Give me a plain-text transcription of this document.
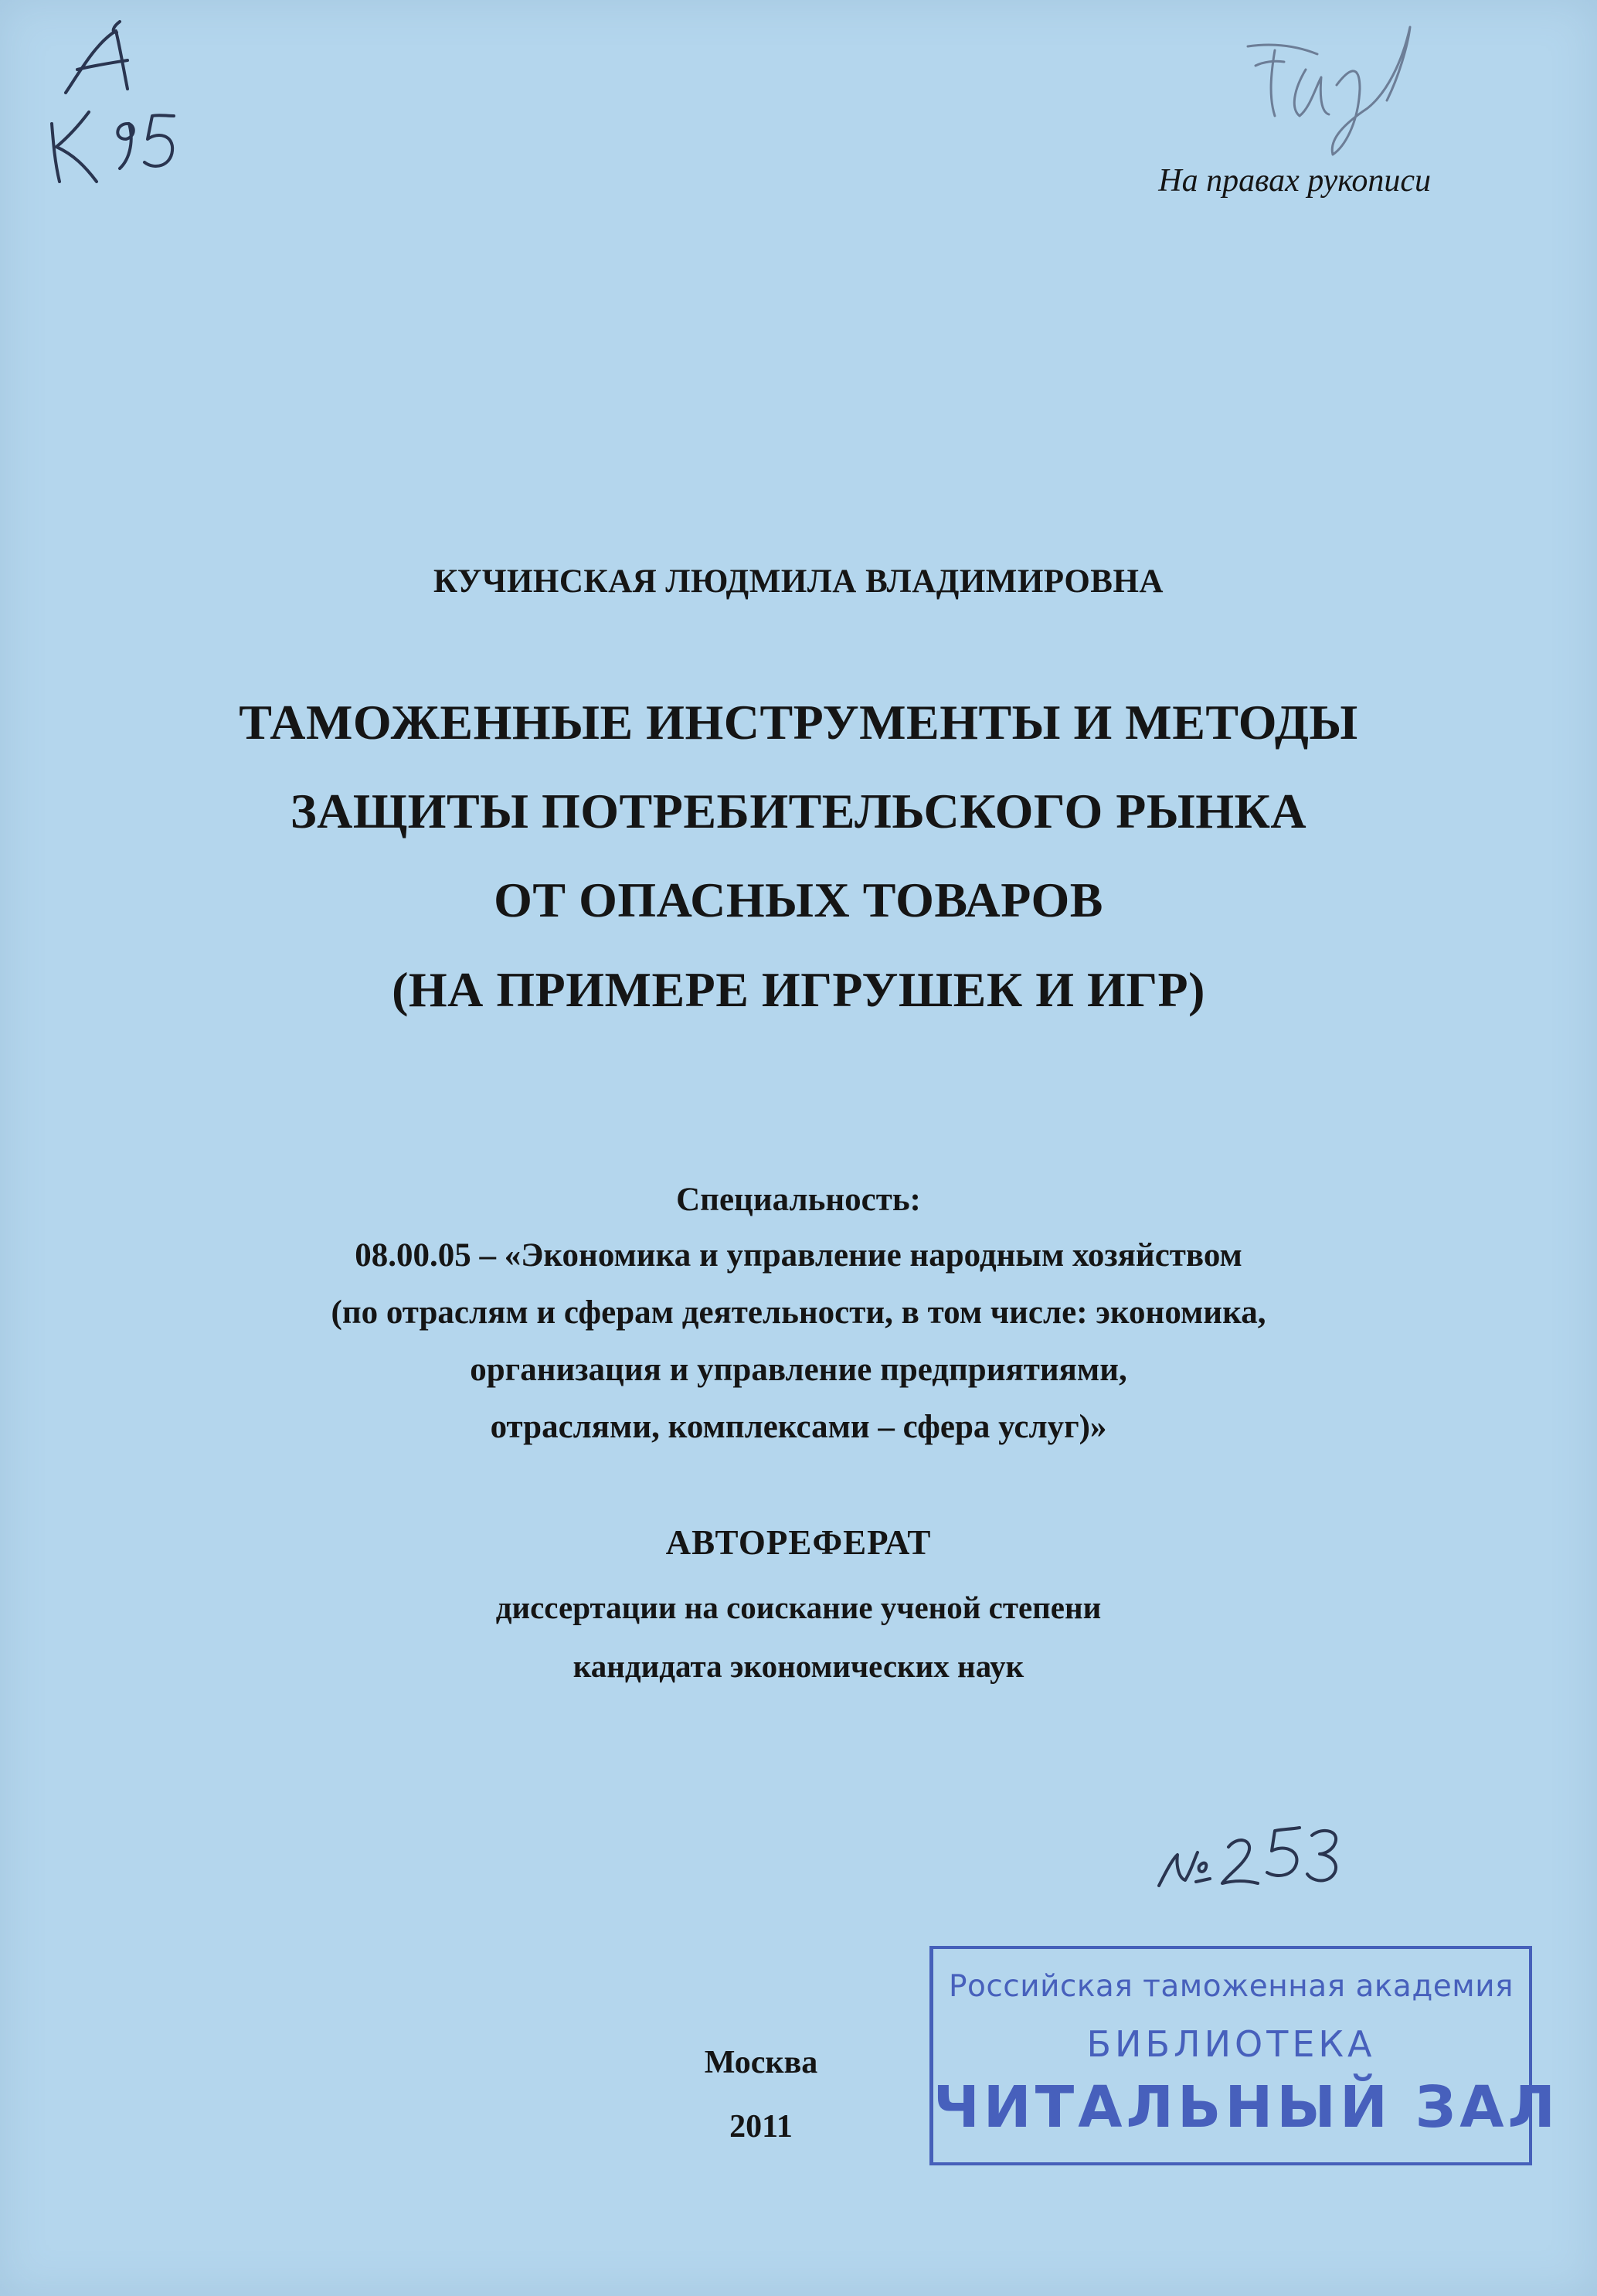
На правах рукописи
КУЧИНСКАЯ ЛЮДМИЛА ВЛАДИМИРОВНА
ТАМОЖЕННЫЕ ИНСТРУМЕНТЫ И МЕТОДЫ
ЗАЩИТЫ ПОТРЕБИТЕЛЬСКОГО РЫНКА
ОТ ОПАСНЫХ ТОВАРОВ
(НА ПРИМЕРЕ ИГРУШЕК И ИГР)
Специальность:
08.00.05 – «Экономика и управление народным хозяйством
(по отраслям и сферам деятельности, в том числе: экономика,
организация и управление предприятиями,
отраслями, комплексами – сфера услуг)»
АВТОРЕФЕРАТ
диссертации на соискание ученой степени
кандидата экономических наук
Москва
2011
Российская таможенная академия
БИБЛИОТЕКА
ЧИТАЛЬНЫЙ ЗАЛ
